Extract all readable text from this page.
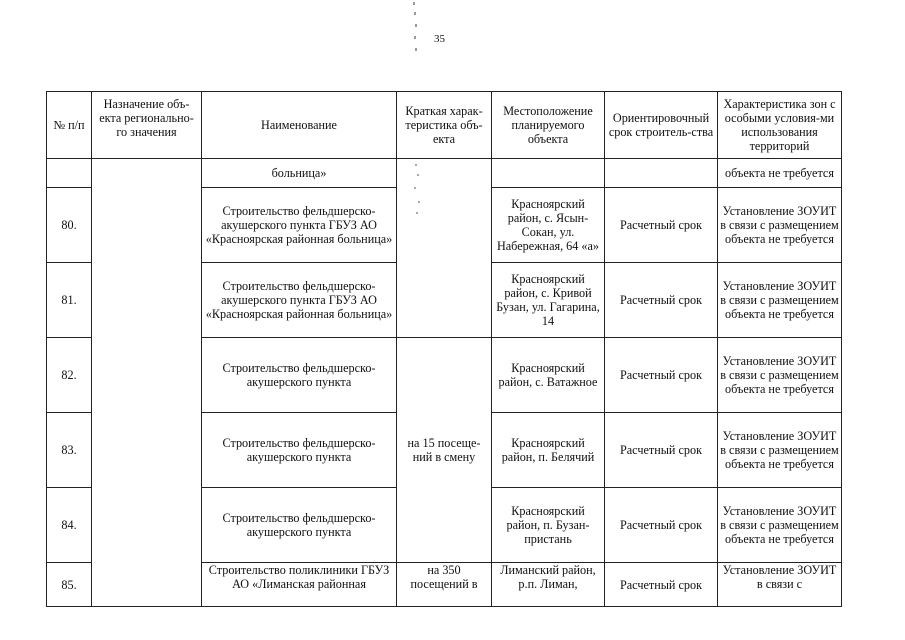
35
№ п/п	Назначение объ-екта регионально-го значения	Наименование	Краткая харак-теристика объ-екта	Местоположение планируемого объекта	Ориентировочный срок строитель-ства	Характеристика зон с особыми условия-ми использования территорий
		больница»				объекта не требуется
80.		Строительство фельдшерско-акушерского пункта ГБУЗ АО «Красноярская районная больница»		Красноярский район, с. Ясын-Сокан, ул. Набережная, 64 «а»	Расчетный срок	Установление ЗОУИТ в связи с размещением объекта не требуется
81.		Строительство фельдшерско-акушерского пункта ГБУЗ АО «Красноярская районная больница»		Красноярский район, с. Кривой Бузан, ул. Гагарина, 14	Расчетный срок	Установление ЗОУИТ в связи с размещением объекта не требуется
82.		Строительство фельдшерско-акушерского пункта	на 15 посеще-ний в смену	Красноярский район, с. Ватажное	Расчетный срок	Установление ЗОУИТ в связи с размещением объекта не требуется
83.		Строительство фельдшерско-акушерского пункта		Красноярский район, п. Белячий	Расчетный срок	Установление ЗОУИТ в связи с размещением объекта не требуется
84.		Строительство фельдшерско-акушерского пункта		Красноярский район, п. Бузан-пристань	Расчетный срок	Установление ЗОУИТ в связи с размещением объекта не требуется
85.		Строительство поликлиники ГБУЗ АО «Лиманская районная	на 350 посещений в	Лиманский район, р.п. Лиман,	Расчетный срок	Установление ЗОУИТ в связи с
